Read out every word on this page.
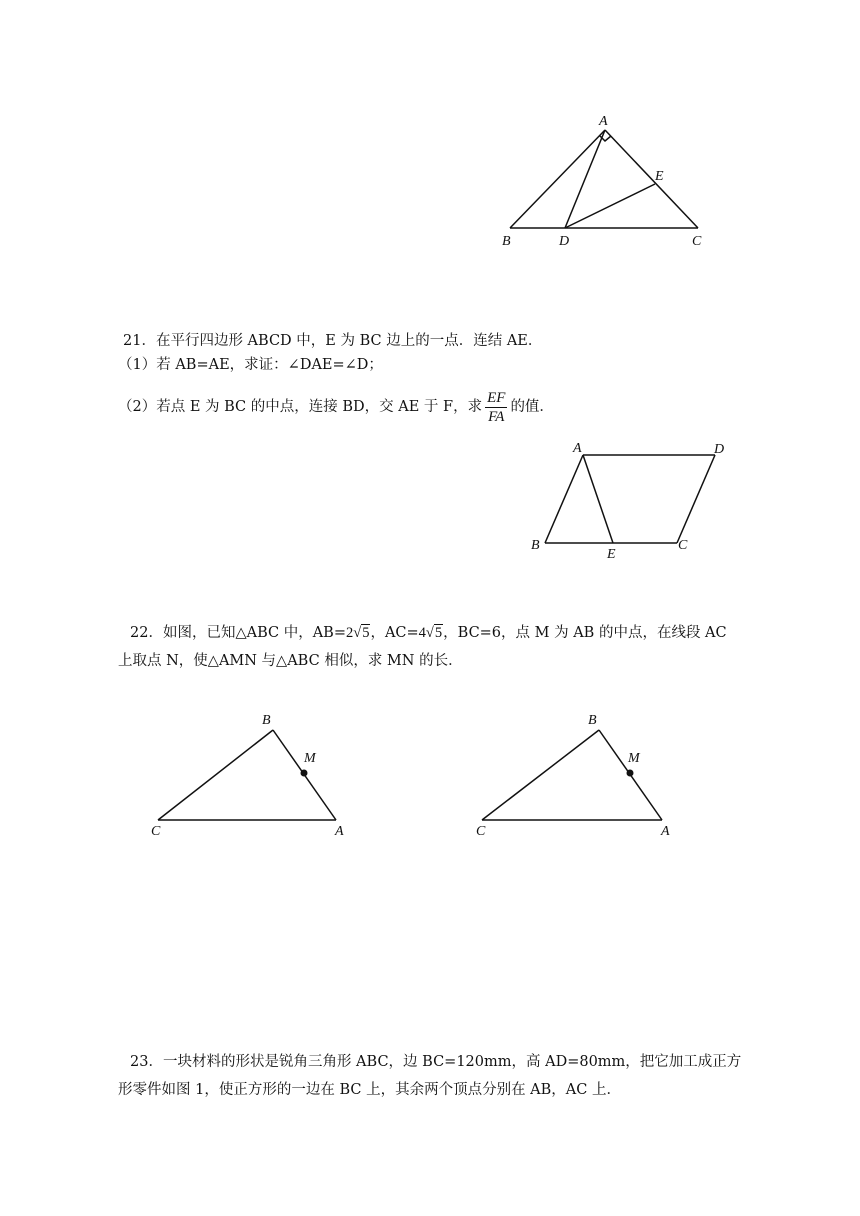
A
B	D	C
E
21．在平行四边形 ABCD 中，E 为 BC 边上的一点．连结 AE．
（1）若 AB=AE，求证：∠DAE=∠D；
（2）若点 E 为 BC 的中点，连接 BD，交 AE 于 F，求 $\frac{EF}{FA}$ 的值．
A	D
B
E
C
22．如图，已知△ABC 中，AB=2√5，AC=4√5，BC=6，点 M 为 AB 的中点，在线段 AC
上取点 N，使△AMN 与△ABC 相似，求 MN 的长．
B
M
C	A
B
M
C	A
23．一块材料的形状是锐角三角形 ABC，边 BC=120mm，高 AD=80mm，把它加工成正方
形零件如图 1，使正方形的一边在 BC 上，其余两个顶点分别在 AB，AC 上．
